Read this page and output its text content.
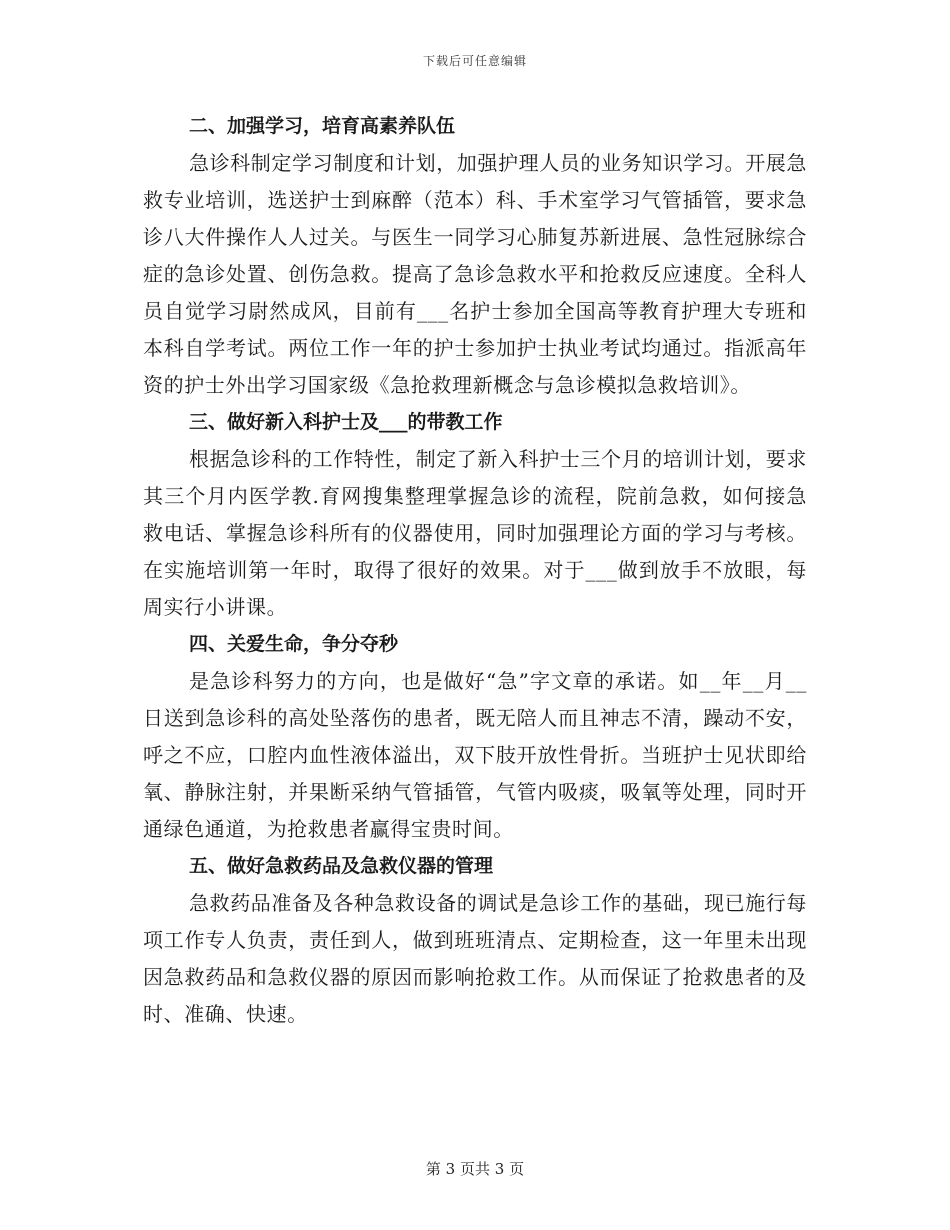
下载后可任意编辑
二、加强学习，培育高素养队伍

急诊科制定学习制度和计划，加强护理人员的业务知识学习。开展急救专业培训，选送护士到麻醉（范本）科、手术室学习气管插管，要求急诊八大件操作人人过关。与医生一同学习心肺复苏新进展、急性冠脉综合症的急诊处置、创伤急救。提高了急诊急救水平和抢救反应速度。全科人员自觉学习尉然成风，目前有___名护士参加全国高等教育护理大专班和本科自学考试。两位工作一年的护士参加护士执业考试均通过。指派高年资的护士外出学习国家级《急抢救理新概念与急诊模拟急救培训》。

三、做好新入科护士及___的带教工作

根据急诊科的工作特性，制定了新入科护士三个月的培训计划，要求其三个月内医学教.育网搜集整理掌握急诊的流程，院前急救，如何接急救电话、掌握急诊科所有的仪器使用，同时加强理论方面的学习与考核。在实施培训第一年时，取得了很好的效果。对于___做到放手不放眼，每周实行小讲课。

四、关爱生命，争分夺秒

是急诊科努力的方向，也是做好“急”字文章的承诺。如__年__月__日送到急诊科的高处坠落伤的患者，既无陪人而且神志不清，躁动不安，呼之不应，口腔内血性液体溢出，双下肢开放性骨折。当班护士见状即给氧、静脉注射，并果断采纳气管插管，气管内吸痰，吸氧等处理，同时开通绿色通道，为抢救患者赢得宝贵时间。

五、做好急救药品及急救仪器的管理

急救药品准备及各种急救设备的调试是急诊工作的基础，现已施行每项工作专人负责，责任到人，做到班班清点、定期检查，这一年里未出现因急救药品和急救仪器的原因而影响抢救工作。从而保证了抢救患者的及时、准确、快速。

第 3 页共 3 页
